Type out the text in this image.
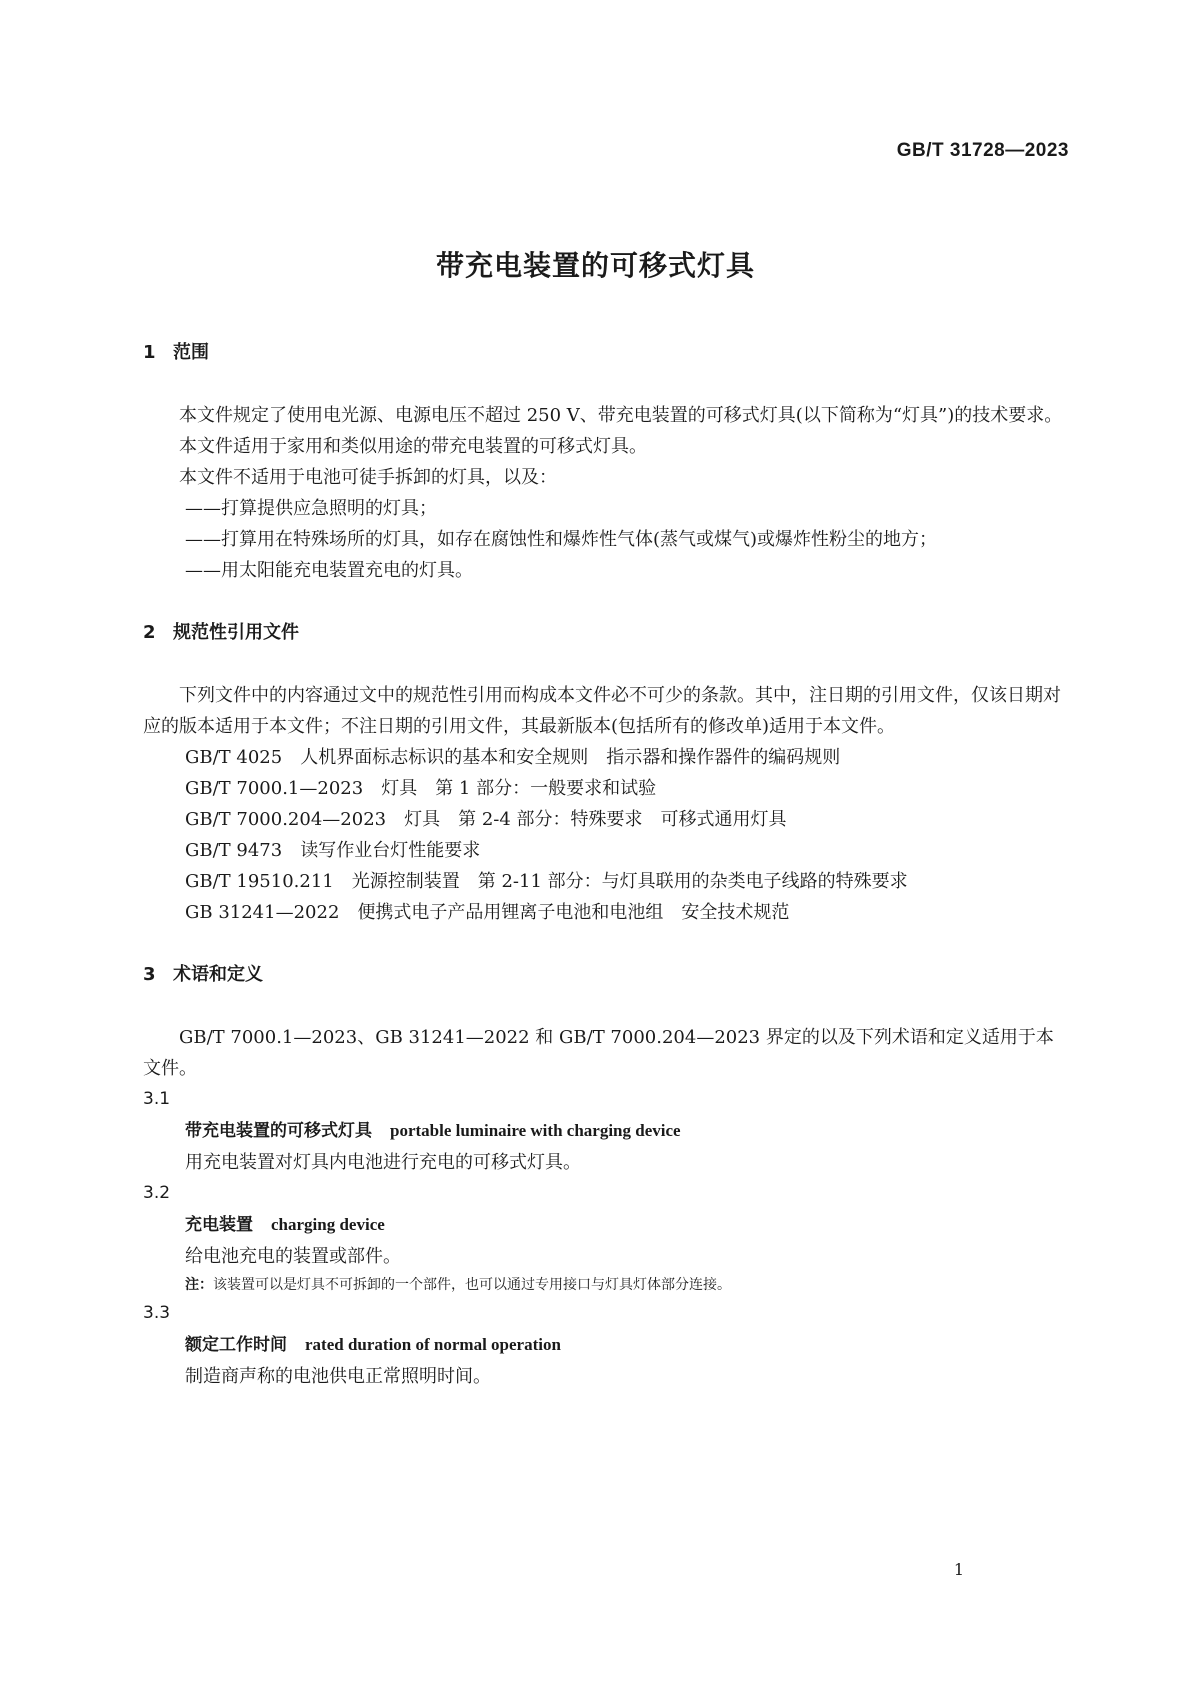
GB/T 31728—2023
带充电装置的可移式灯具

1 范围

本文件规定了使用电光源、电源电压不超过 250 V、带充电装置的可移式灯具(以下简称为“灯具”)的技术要求。

本文件适用于家用和类似用途的带充电装置的可移式灯具。

本文件不适用于电池可徒手拆卸的灯具，以及：

——打算提供应急照明的灯具；

——打算用在特殊场所的灯具，如存在腐蚀性和爆炸性气体(蒸气或煤气)或爆炸性粉尘的地方；

——用太阳能充电装置充电的灯具。

2 规范性引用文件

下列文件中的内容通过文中的规范性引用而构成本文件必不可少的条款。其中，注日期的引用文件，仅该日期对应的版本适用于本文件；不注日期的引用文件，其最新版本(包括所有的修改单)适用于本文件。

GB/T 4025　人机界面标志标识的基本和安全规则　指示器和操作器件的编码规则

GB/T 7000.1—2023　灯具　第 1 部分：一般要求和试验

GB/T 7000.204—2023　灯具　第 2-4 部分：特殊要求　可移式通用灯具

GB/T 9473　读写作业台灯性能要求

GB/T 19510.211　光源控制装置　第 2-11 部分：与灯具联用的杂类电子线路的特殊要求

GB 31241—2022　便携式电子产品用锂离子电池和电池组　安全技术规范

3 术语和定义

GB/T 7000.1—2023、GB 31241—2022 和 GB/T 7000.204—2023 界定的以及下列术语和定义适用于本文件。

3.1

带充电装置的可移式灯具 portable luminaire with charging device

用充电装置对灯具内电池进行充电的可移式灯具。

3.2

充电装置 charging device

给电池充电的装置或部件。

注：该装置可以是灯具不可拆卸的一个部件，也可以通过专用接口与灯具灯体部分连接。

3.3

额定工作时间 rated duration of normal operation

制造商声称的电池供电正常照明时间。

1
